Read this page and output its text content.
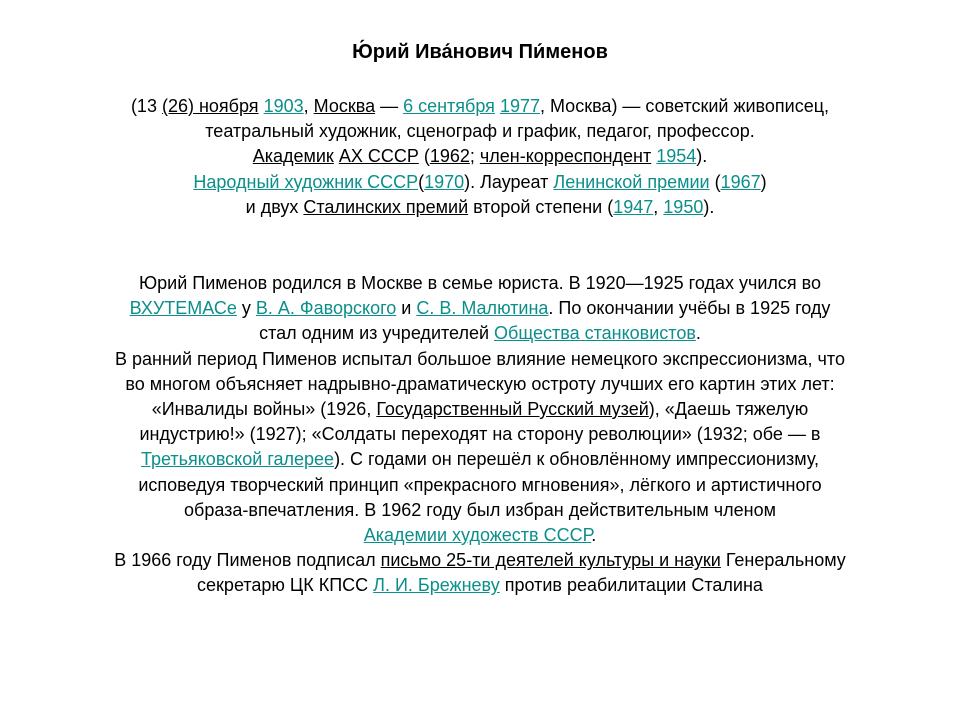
Ю́рий Ива́нович Пи́менов
(13 (26) ноября 1903, Москва — 6 сентября 1977, Москва) — советский живописец,
театральный художник, сценограф и график, педагог, профессор.
Академик АХ СССР (1962; член-корреспондент 1954).
Народный художник СССР(1970). Лауреат Ленинской премии (1967)
и двух Сталинских премий второй степени (1947, 1950).
Юрий Пименов родился в Москве в семье юриста. В 1920—1925 годах учился во
ВХУТЕМАСе у В. А. Фаворского и С. В. Малютина. По окончании учёбы в 1925 году
стал одним из учредителей Общества станковистов.
В ранний период Пименов испытал большое влияние немецкого экспрессионизма, что
во многом объясняет надрывно-драматическую остроту лучших его картин этих лет:
«Инвалиды войны» (1926, Государственный Русский музей), «Даешь тяжелую
индустрию!» (1927); «Солдаты переходят на сторону революции» (1932; обе — в
Третьяковской галерее). С годами он перешёл к обновлённому импрессионизму,
исповедуя творческий принцип «прекрасного мгновения», лёгкого и артистичного
образа-впечатления. В 1962 году был избран действительным членом
Академии художеств СССР.
В 1966 году Пименов подписал письмо 25-ти деятелей культуры и науки Генеральному
секретарю ЦК КПСС Л. И. Брежневу против реабилитации Сталина
